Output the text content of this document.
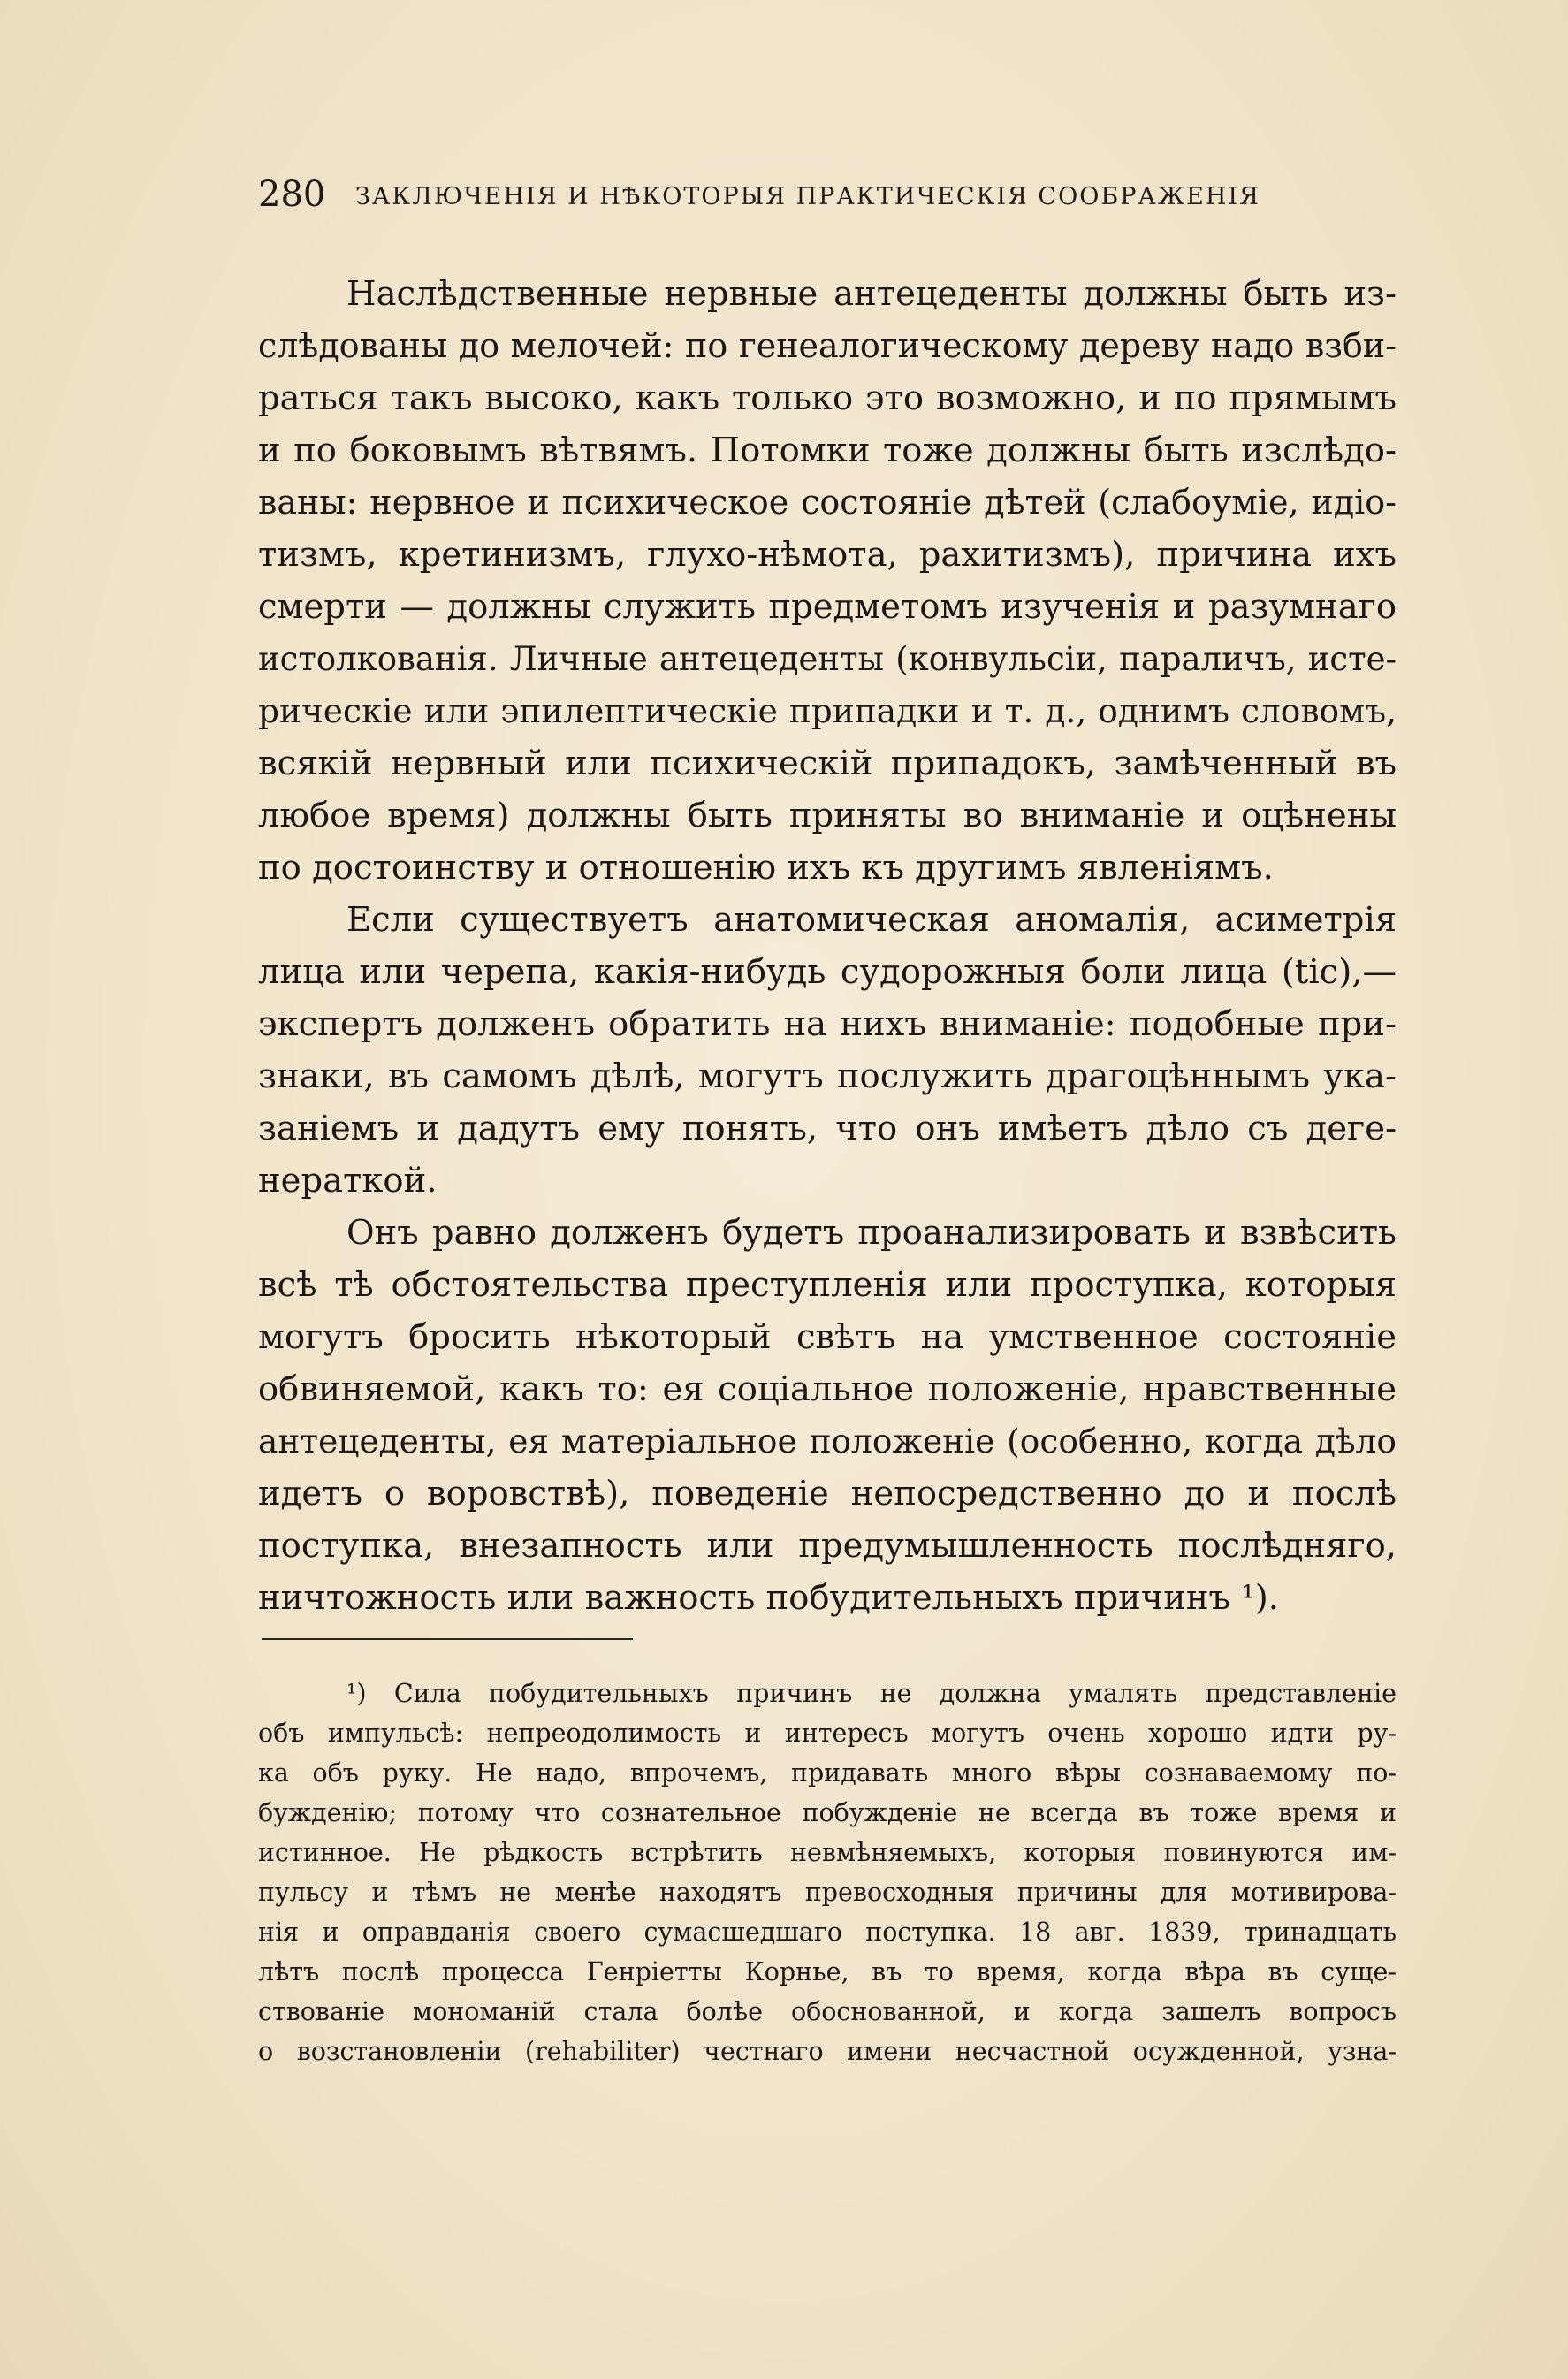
280 ЗАКЛЮЧЕНІЯ И НѢКОТОРЫЯ ПРАКТИЧЕСКІЯ СООБРАЖЕНІЯ

Наслѣдственные нервные антецеденты должны быть из-
слѣдованы до мелочей: по генеалогическому дереву надо взби-
раться такъ высоко, какъ только это возможно, и по прямымъ
и по боковымъ вѣтвямъ. Потомки тоже должны быть изслѣдо-
ваны: нервное и психическое состояніе дѣтей (слабоуміе, идіо-
тизмъ, кретинизмъ, глухо-нѣмота, рахитизмъ), причина ихъ
смерти — должны служить предметомъ изученія и разумнаго
истолкованія. Личные антецеденты (конвульсіи, параличъ, исте-
рическіе или эпилептическіе припадки и т. д., однимъ словомъ,
всякій нервный или психическій припадокъ, замѣченный въ
любое время) должны быть приняты во вниманіе и оцѣнены
по достоинству и отношенію ихъ къ другимъ явленіямъ.

Если существуетъ анатомическая аномалія, асиметрія
лица или черепа, какія-нибудь судорожныя боли лица (tic),—
экспертъ долженъ обратить на нихъ вниманіе: подобные при-
знаки, въ самомъ дѣлѣ, могутъ послужить драгоцѣннымъ ука-
заніемъ и дадутъ ему понять, что онъ имѣетъ дѣло съ деге-
нераткой.

Онъ равно долженъ будетъ проанализировать и взвѣсить
всѣ тѣ обстоятельства преступленія или проступка, которыя
могутъ бросить нѣкоторый свѣтъ на умственное состояніе
обвиняемой, какъ то: ея соціальное положеніе, нравственные
антецеденты, ея матеріальное положеніе (особенно, когда дѣло
идетъ о воровствѣ), поведеніе непосредственно до и послѣ
поступка, внезапность или предумышленность послѣдняго,
ничтожность или важность побудительныхъ причинъ ¹).

¹) Сила побудительныхъ причинъ не должна умалять представленіе
объ импульсѣ: непреодолимость и интересъ могутъ очень хорошо идти ру-
ка объ руку. Не надо, впрочемъ, придавать много вѣры сознаваемому по-
бужденію; потому что сознательное побужденіе не всегда въ тоже время и
истинное. Не рѣдкость встрѣтить невмѣняемыхъ, которыя повинуются им-
пульсу и тѣмъ не менѣе находятъ превосходныя причины для мотивирова-
нія и оправданія своего сумасшедшаго поступка. 18 авг. 1839, тринадцать
лѣтъ послѣ процесса Генріетты Корнье, въ то время, когда вѣра въ суще-
ствованіе мономаній стала болѣе обоснованной, и когда зашелъ вопросъ
о возстановленіи (rehabiliter) честнаго имени несчастной осужденной, узна-
